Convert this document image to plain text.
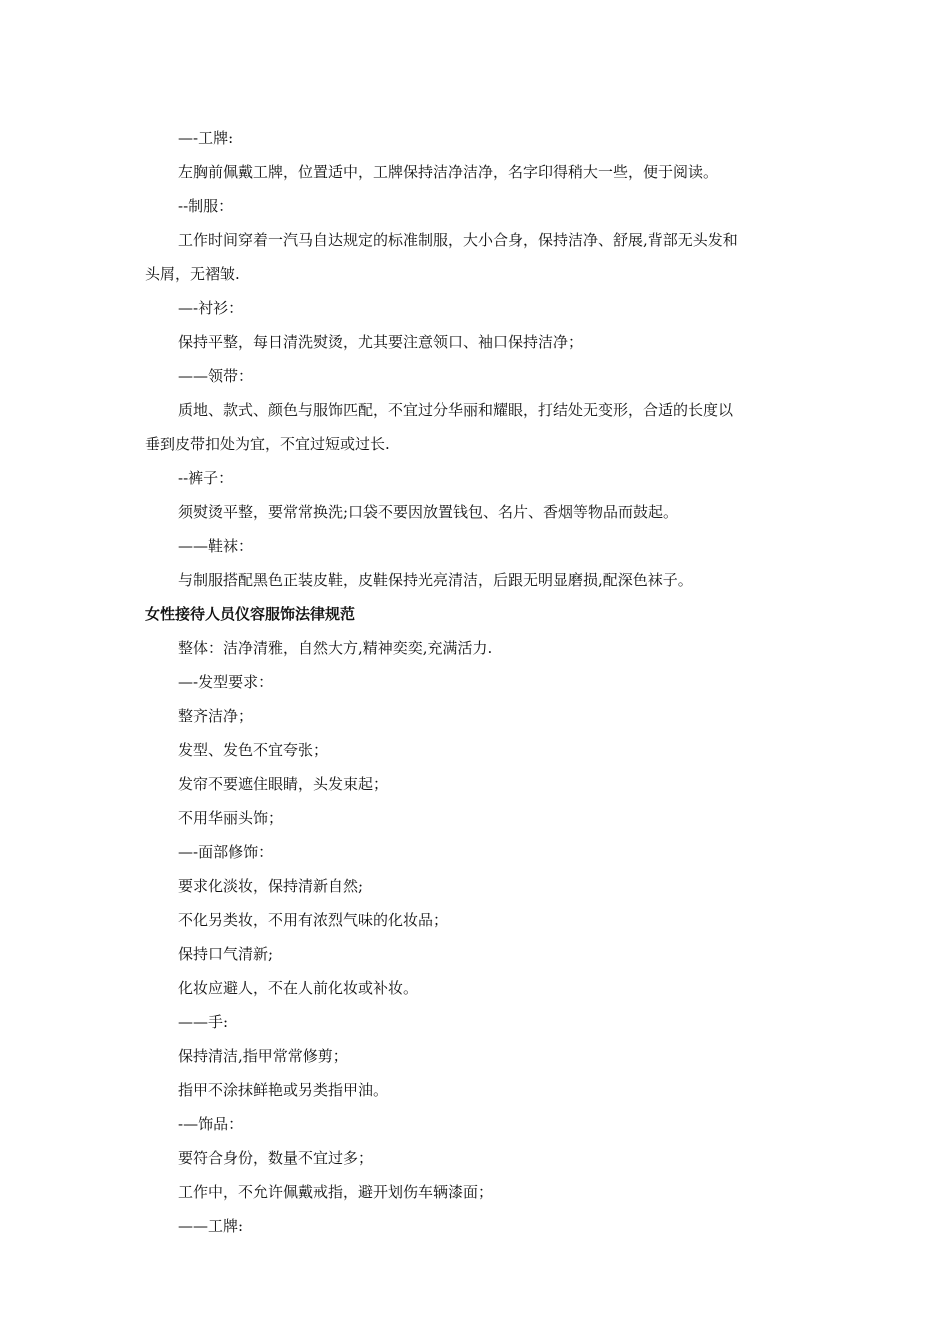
—-工牌:

左胸前佩戴工牌，位置适中，工牌保持洁净洁净，名字印得稍大一些，便于阅读。

--制服：

工作时间穿着一汽马自达规定的标准制服，大小合身，保持洁净、舒展,背部无头发和

头屑，无褶皱.

—-衬衫：

保持平整，每日清洗熨烫，尤其要注意领口、袖口保持洁净；

——领带：

质地、款式、颜色与服饰匹配，不宜过分华丽和耀眼，打结处无变形，合适的长度以

垂到皮带扣处为宜，不宜过短或过长.

--裤子：

须熨烫平整，要常常换洗;口袋不要因放置钱包、名片、香烟等物品而鼓起。

——鞋袜：

与制服搭配黑色正装皮鞋，皮鞋保持光亮清洁，后跟无明显磨损,配深色袜子。

女性接待人员仪容服饰法律规范

整体：洁净清雅，自然大方,精神奕奕,充满活力.

—-发型要求：

整齐洁净；

发型、发色不宜夸张；

发帘不要遮住眼睛，头发束起；

不用华丽头饰；

—-面部修饰：

要求化淡妆，保持清新自然;

不化另类妆，不用有浓烈气味的化妆品；

保持口气清新;

化妆应避人，不在人前化妆或补妆。

——手:

保持清洁,指甲常常修剪；

指甲不涂抹鲜艳或另类指甲油。

-—饰品：

要符合身份，数量不宜过多；

工作中，不允许佩戴戒指，避开划伤车辆漆面；

——工牌:
